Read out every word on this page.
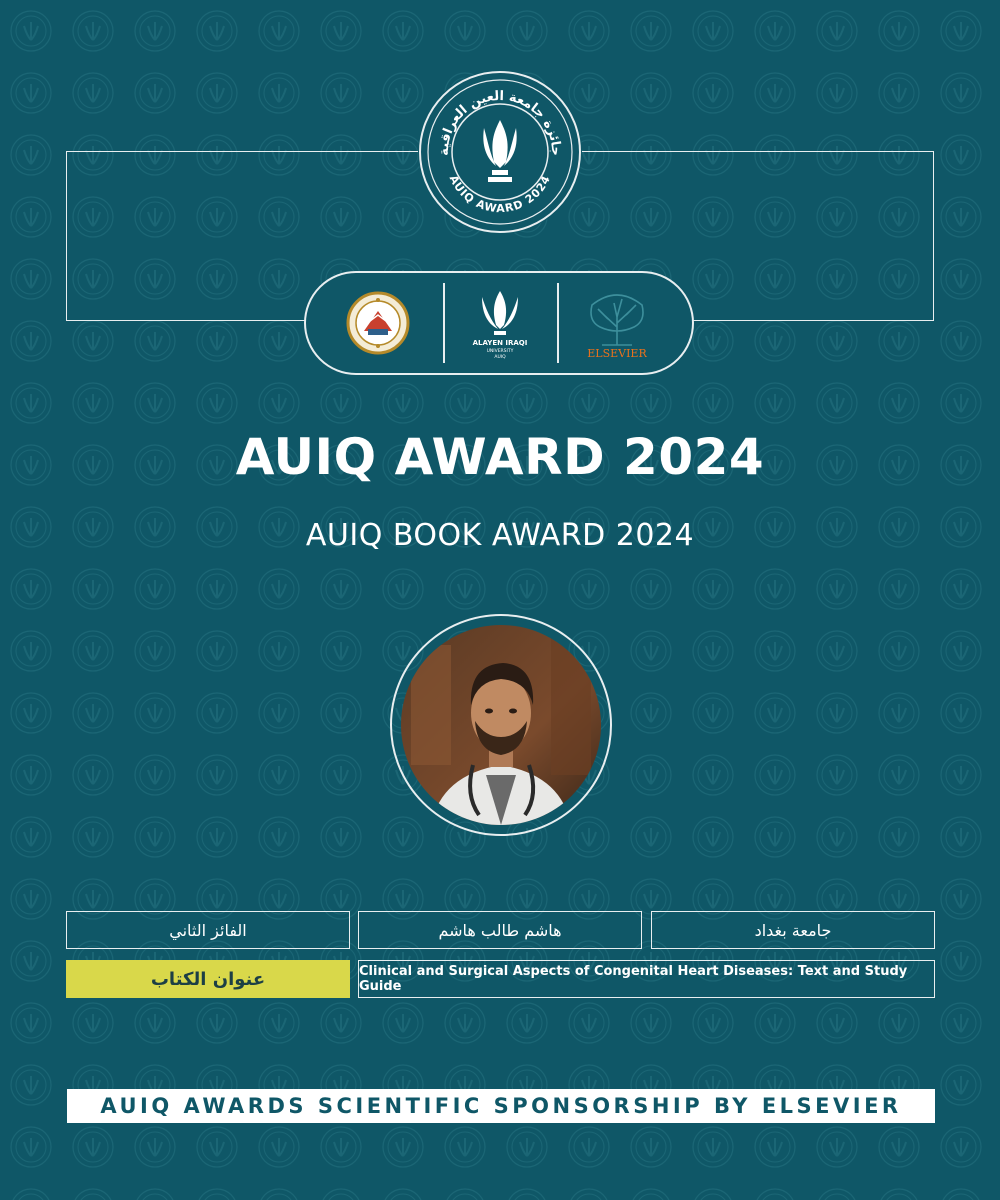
جائزة جامعة العين العراقية
AUIQ AWARD 2024
ALAYEN IRAQI
UNIVERSITY
AUIQ	ELSEVIER
AUIQ AWARD 2024
AUIQ BOOK AWARD 2024
الفائز الثاني	هاشم طالب هاشم	جامعة بغداد
عنوان الكتاب	Clinical and Surgical Aspects of Congenital Heart Diseases: Text and Study Guide
AUIQ AWARDS SCIENTIFIC SPONSORSHIP BY ELSEVIER
